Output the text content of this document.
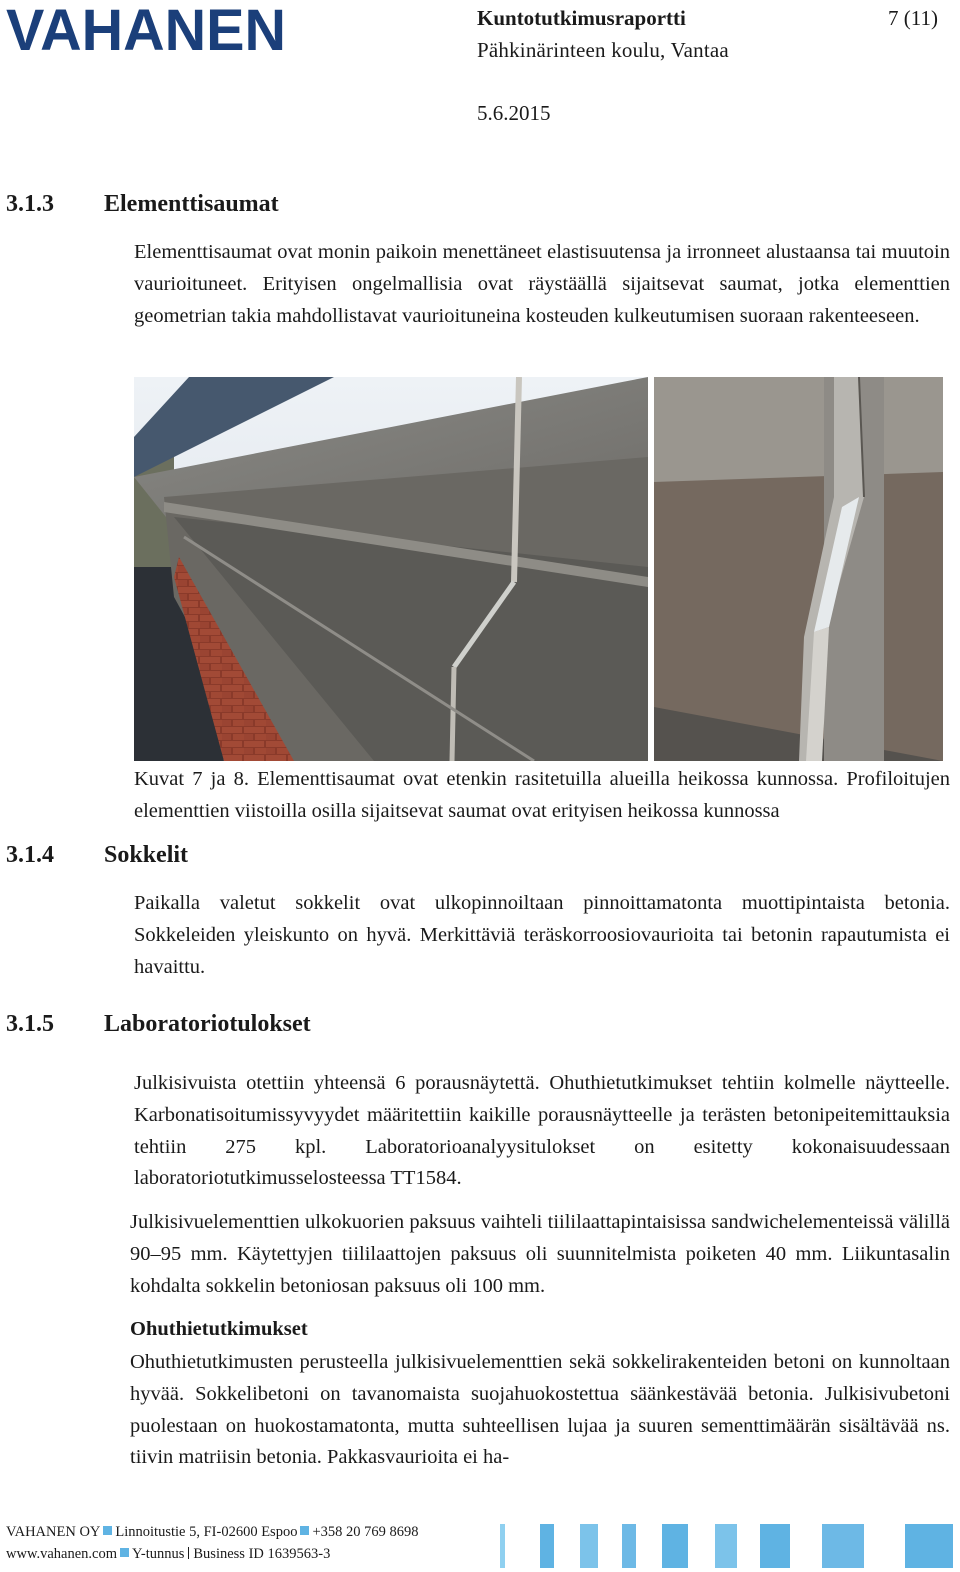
VAHANEN	Kuntotutkimusraportti
Pähkinärinteen koulu, Vantaa
5.6.2015
7 (11)
3.1.3 Elementtisaumat

Elementtisaumat ovat monin paikoin menettäneet elastisuutensa ja irronneet alustaansa tai muutoin vaurioituneet. Erityisen ongelmallisia ovat räystäällä sijaitsevat saumat, jotka elementtien geometrian takia mahdollistavat vaurioituneina kosteuden kulkeutumisen suoraan rakenteeseen.

Kuvat 7 ja 8. Elementtisaumat ovat etenkin rasitetuilla alueilla heikossa kunnossa. Profiloitujen elementtien viistoilla osilla sijaitsevat saumat ovat erityisen heikossa kunnossa

3.1.4 Sokkelit

Paikalla valetut sokkelit ovat ulkopinnoiltaan pinnoittamatonta muottipintaista betonia. Sokkeleiden yleiskunto on hyvä. Merkittäviä teräskorroosiovaurioita tai betonin rapautumista ei havaittu.

3.1.5 Laboratoriotulokset

Julkisivuista otettiin yhteensä 6 porausnäytettä. Ohuthietutkimukset tehtiin kolmelle näytteelle. Karbonatisoitumissyvyydet määritettiin kaikille porausnäytteelle ja terästen betonipeitemittauksia tehtiin 275 kpl. Laboratorioanalyysitulokset on esitetty kokonaisuudessaan laboratoriotutkimusselosteessa TT1584.

Julkisivuelementtien ulkokuorien paksuus vaihteli tiililaattapintaisissa sandwichelementeissä välillä 90–95 mm. Käytettyjen tiililaattojen paksuus oli suunnitelmista poiketen 40 mm. Liikuntasalin kohdalta sokkelin betoniosan paksuus oli 100 mm.

Ohuthietutkimukset

Ohuthietutkimusten perusteella julkisivuelementtien sekä sokkelirakenteiden betoni on kunnoltaan hyvää. Sokkelibetoni on tavanomaista suojahuokostettua säänkestävää betonia. Julkisivubetoni puolestaan on huokostamatonta, mutta suhteellisen lujaa ja suuren sementtimäärän sisältävää ns. tiivin matriisin betonia. Pakkasvaurioita ei ha-

VAHANEN OY Linnoitustie 5, FI-02600 Espoo +358 20 769 8698
www.vahanen.com Y-tunnus Business ID 1639563-3
